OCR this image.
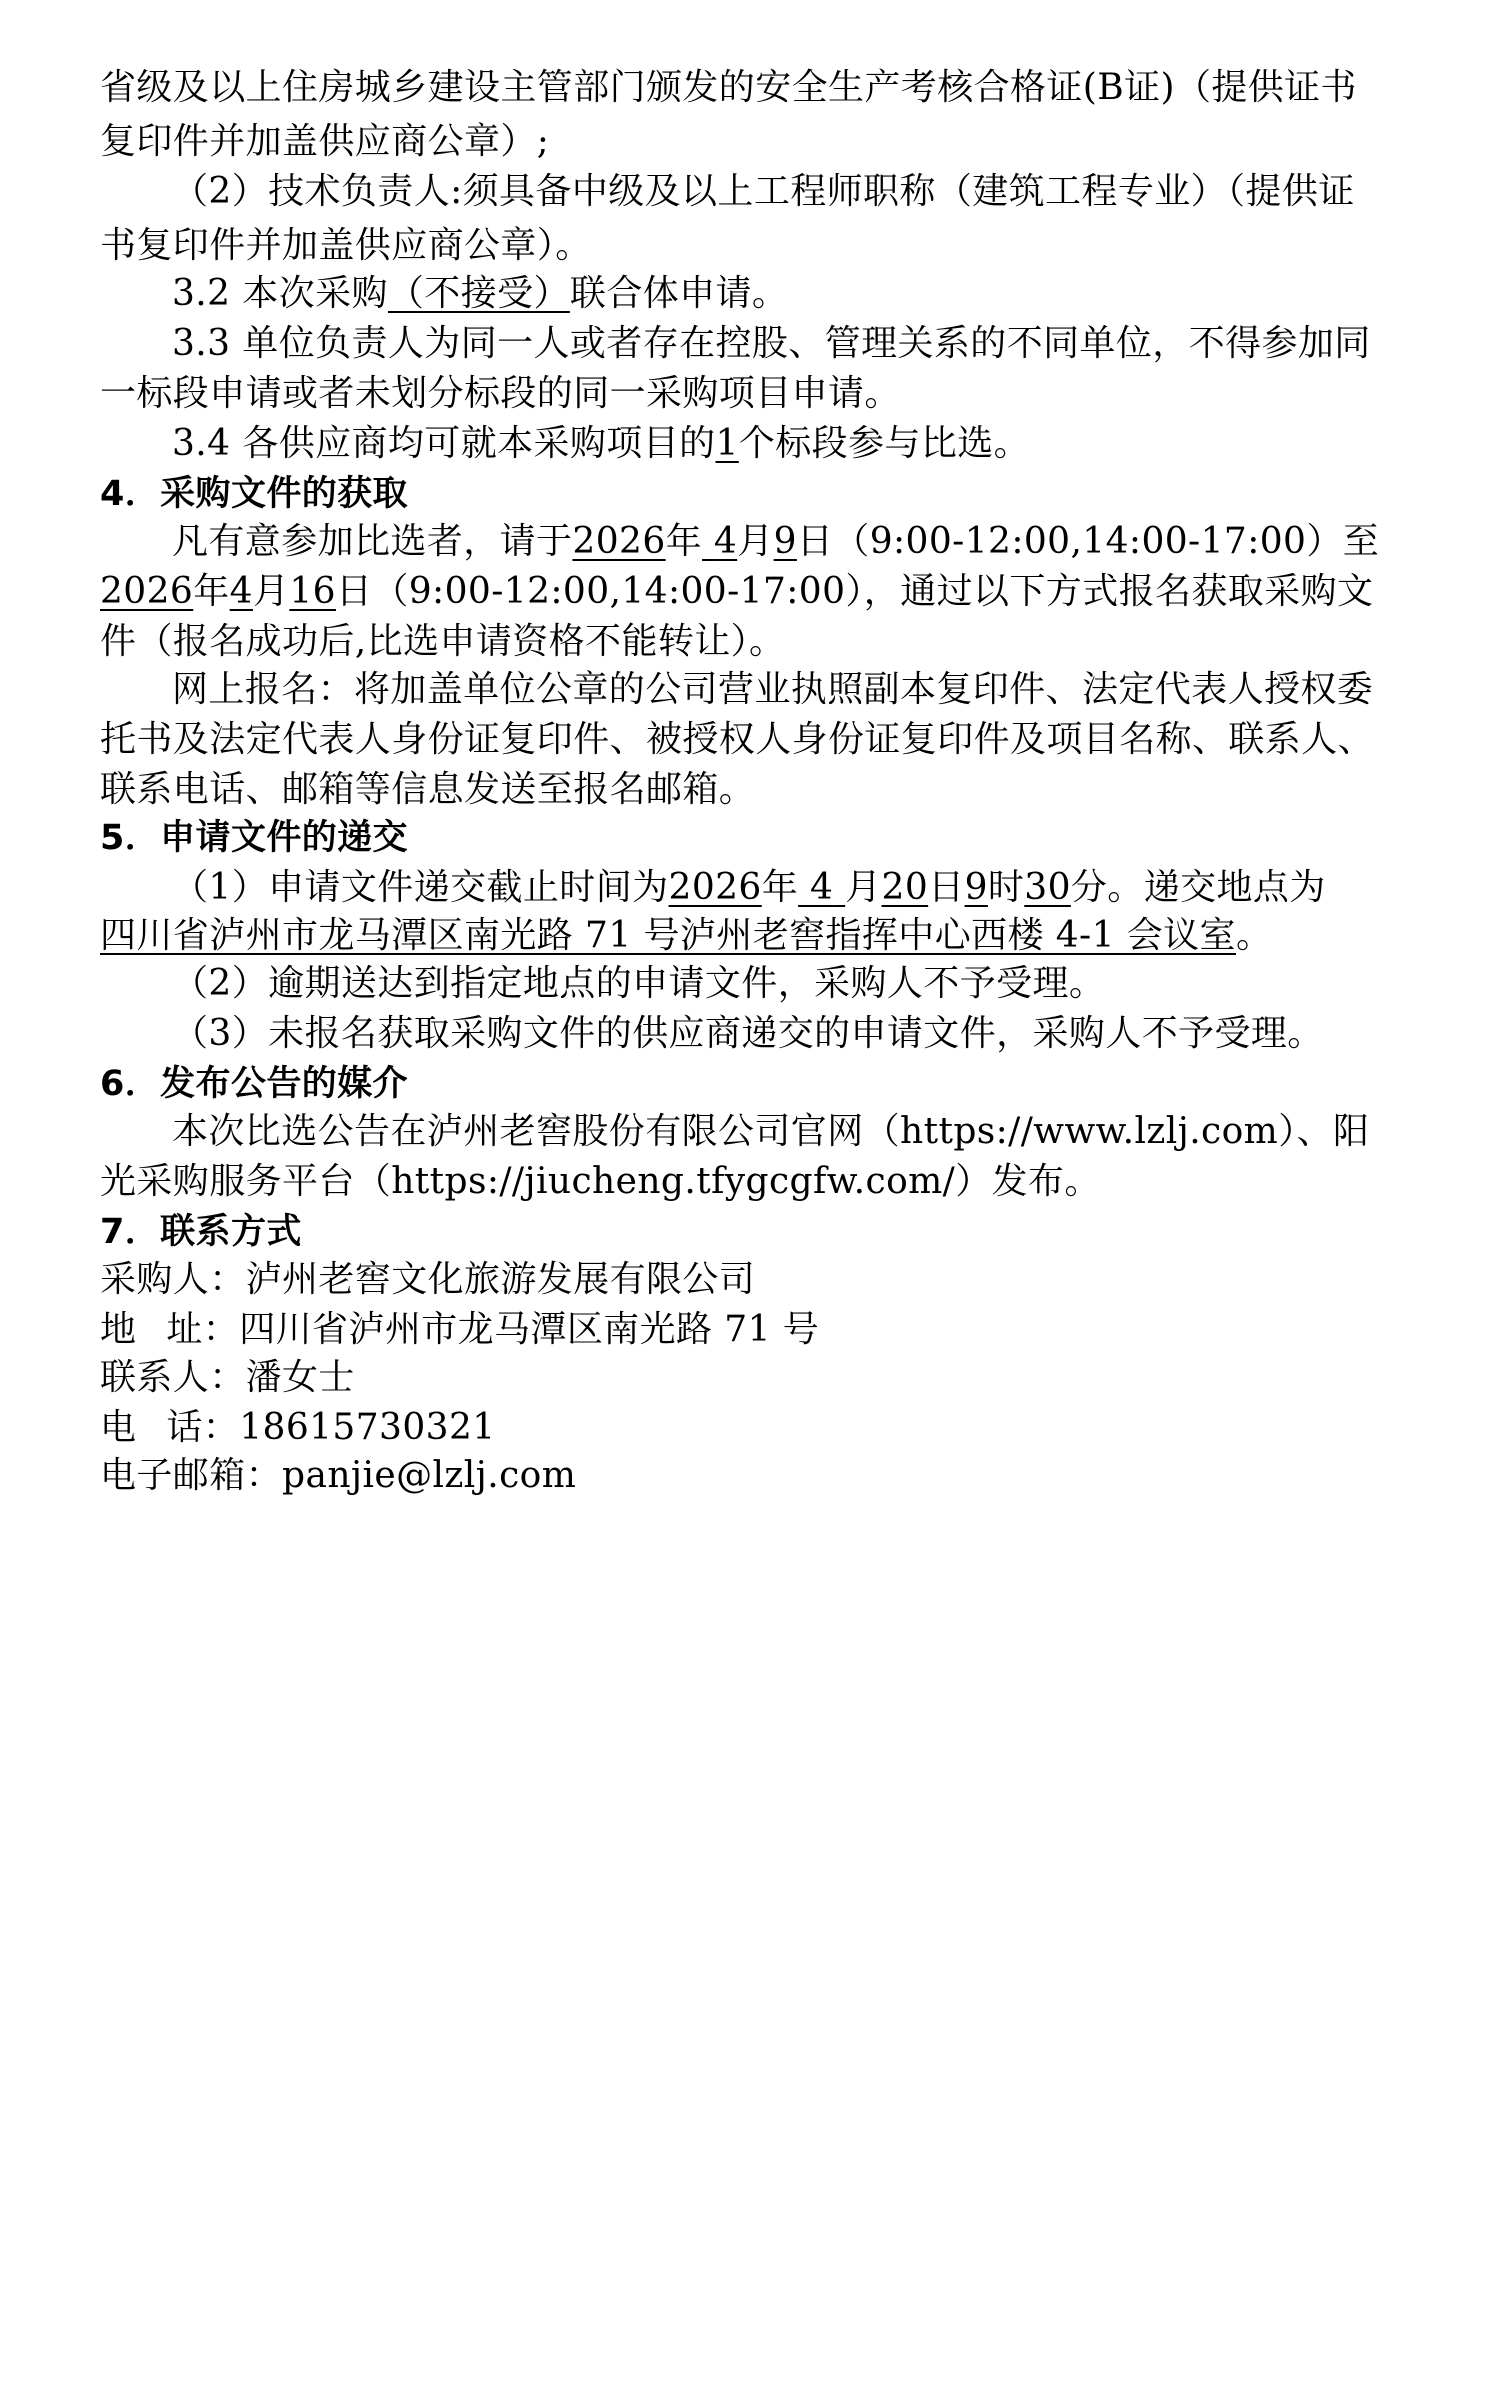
省级及以上住房城乡建设主管部门颁发的安全生产考核合格证(B证)（提供证书
复印件并加盖供应商公章）;
（2）技术负责人:须具备中级及以上工程师职称（建筑工程专业）（提供证
书复印件并加盖供应商公章）。
3.2 本次采购（不接受）联合体申请。
3.3 单位负责人为同一人或者存在控股、管理关系的不同单位，不得参加同
一标段申请或者未划分标段的同一采购项目申请。
3.4 各供应商均可就本采购项目的1个标段参与比选。
4．采购文件的获取
凡有意参加比选者，请于2026年 4月9日（9:00-12:00,14:00-17:00）至
2026年4月16日（9:00-12:00,14:00-17:00），通过以下方式报名获取采购文
件（报名成功后,比选申请资格不能转让）。
网上报名：将加盖单位公章的公司营业执照副本复印件、法定代表人授权委
托书及法定代表人身份证复印件、被授权人身份证复印件及项目名称、联系人、
联系电话、邮箱等信息发送至报名邮箱。
5．申请文件的递交
（1）申请文件递交截止时间为2026年 4 月20日9时30分。递交地点为
四川省泸州市龙马潭区南光路 71 号泸州老窖指挥中心西楼 4-1 会议室。
（2）逾期送达到指定地点的申请文件，采购人不予受理。
（3）未报名获取采购文件的供应商递交的申请文件，采购人不予受理。
6．发布公告的媒介
本次比选公告在泸州老窖股份有限公司官网（https://www.lzlj.com）、阳
光采购服务平台（https://jiucheng.tfygcgfw.com/）发布。
7．联系方式
采购人：泸州老窖文化旅游发展有限公司
地 址：四川省泸州市龙马潭区南光路 71 号
联系人：潘女士
电 话：18615730321
电子邮箱：panjie@lzlj.com
